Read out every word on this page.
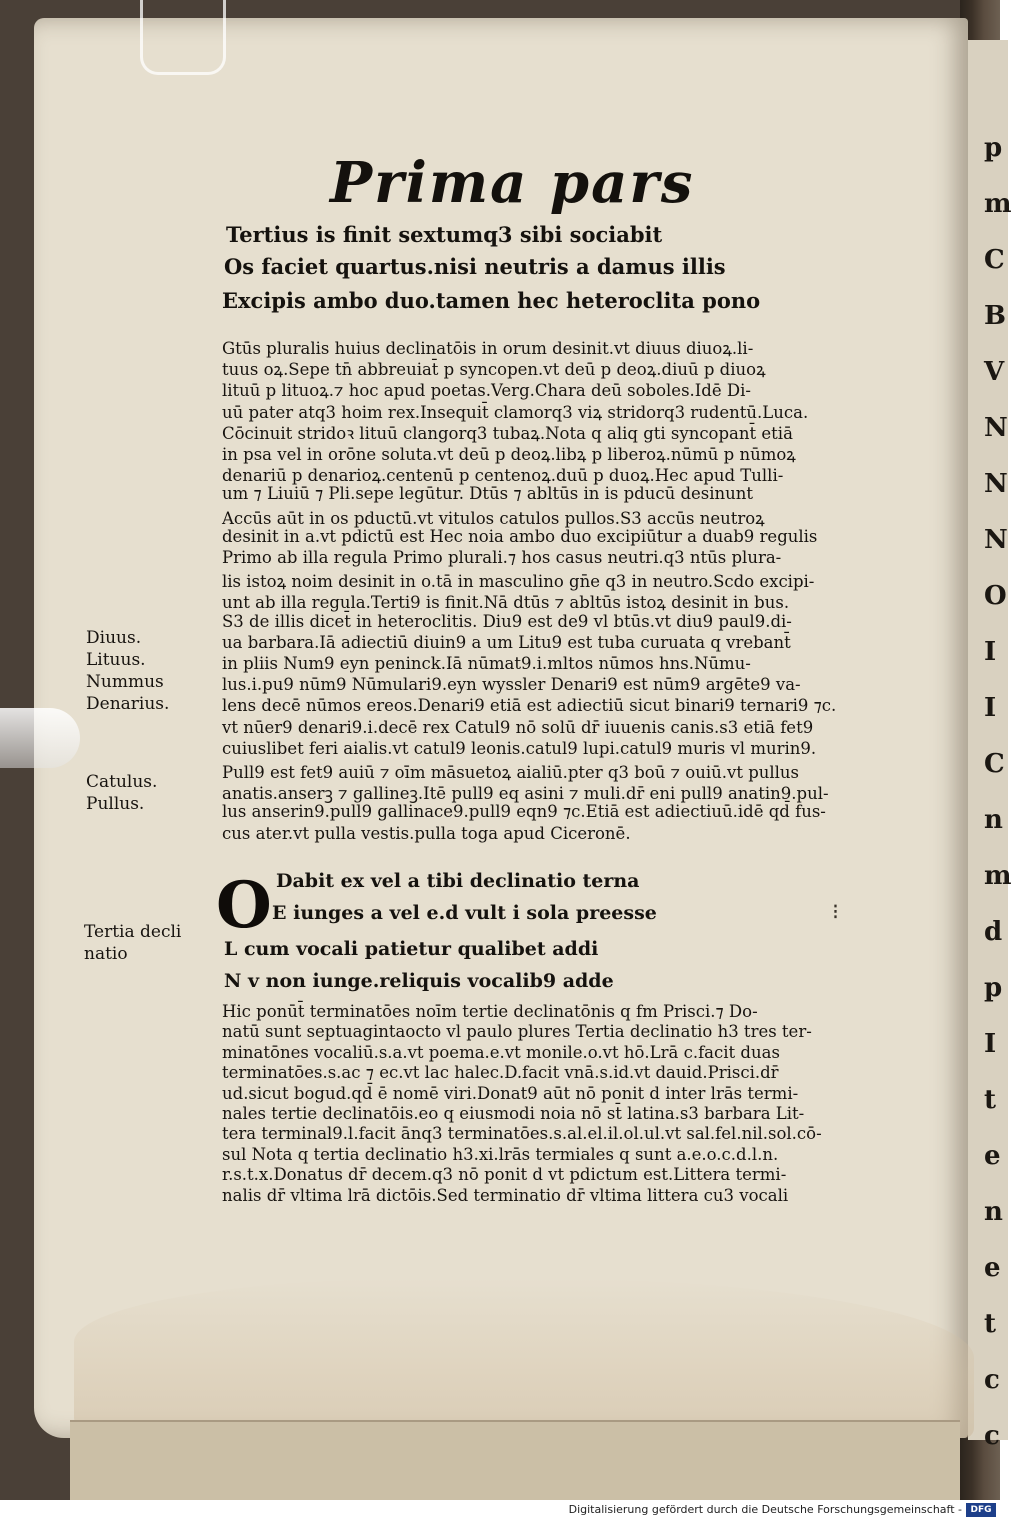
p
m
C
B
V
N
N
N
O
I
I
C
n
m
d
p
I
t
e
n
e
t
c
c
Prima pars
Tertius is finit sextumq3 sibi sociabit
Os faciet quartus.nisi neutris a damus illis
Excipis ambo duo.tamen hec heteroclita pono
Gtūs pluralis huius declinatōis in orum desinit.vt diuus diuoꝝ.li-
tuus oꝝ.Sepe tn̄ abbreuiat̄ p syncopen.vt deū p deoꝝ.diuū p diuoꝝ
lituū p lituoꝝ.⁊ hoc apud poetas.Verg.Chara deū soboles.Idē Di-
uū pater atq3 hoim rex.Insequit̄ clamorq3 viꝝ stridorq3 rudentū.Luca.
Cōcinuit stridoꝛ lituū clangorq3 tubaꝝ.Nota q aliq gti syncopant̄ etiā
in psa vel in orōne soluta.vt deū p deoꝝ.libꝝ p liberoꝝ.nūmū p nūmoꝝ
denariū p denarioꝝ.centenū p centenoꝝ.duū p duoꝝ.Hec apud Tulli-
um ⁊ Liuiū ⁊ Pli.sepe legūtur. Dtūs ⁊ abltūs in is pducū desinunt
Accūs aūt in os pductū.vt vitulos catulos pullos.S3 accūs neutroꝝ
desinit in a.vt pdictū est Hec noia ambo duo excipiūtur a duab9 regulis
Primo ab illa regula Primo plurali.⁊ hos casus neutri.q3 ntūs plura-
lis istoꝝ noim desinit in o.tā in masculino gn̄e q3 in neutro.Scdo excipi-
unt ab illa regula.Terti9 is finit.Nā dtūs ⁊ abltūs istoꝝ desinit in bus.
S3 de illis dicet̄ in heteroclitis. Diu9 est de9 vl btūs.vt diu9 paul9.di-
ua barbara.Iā adiectiū diuin9 a um Litu9 est tuba curuata q vrebant̄
in pliis Num9 eyn peninck.Iā nūmat9.i.mltos nūmos hns.Nūmu-
lus.i.pu9 nūm9 Nūmulari9.eyn wyssler Denari9 est nūm9 argēte9 va-
lens decē nūmos ereos.Denari9 etiā est adiectiū sicut binari9 ternari9 ⁊c.
vt nūer9 denari9.i.decē rex Catul9 nō solū dr̄ iuuenis canis.s3 etiā fet9
cuiuslibet feri aialis.vt catul9 leonis.catul9 lupi.catul9 muris vl murin9.
Pull9 est fet9 auiū ⁊ oīm māsuetoꝝ aialiū.pter q3 boū ⁊ ouiū.vt pullus
anatis.anserꝫ ⁊ gallineꝫ.Itē pull9 eq asini ⁊ muli.dr̄ eni pull9 anatin9.pul-
lus anserin9.pull9 gallinace9.pull9 eqn9 ⁊c.Etiā est adiectiuū.idē qd̄ fus-
cus ater.vt pulla vestis.pulla toga apud Ciceronē.
Diuus.
Lituus.
Nummus
Denarius.
Catulus.
Pullus.
Tertia decli
natio
O Dabit ex vel a tibi declinatio terna
E iunges a vel e.d vult i sola preesse
L cum vocali patietur qualibet addi
N v non iunge.reliquis vocalib9 adde
⁝
Hic ponūt̄ terminatōes noīm tertie declinatōnis q fm Prisci.⁊ Do-
natū sunt septuagintaocto vl paulo plures Tertia declinatio h3 tres ter-
minatōnes vocaliū.s.a.vt poema.e.vt monile.o.vt hō.Lrā c.facit duas
terminatōes.s.ac ⁊ ec.vt lac halec.D.facit vnā.s.id.vt dauid.Prisci.dr̄
ud.sicut bogud.qd̄ ē nomē viri.Donat9 aūt nō ponit d inter lrās termi-
nales tertie declinatōis.eo q eiusmodi noia nō st̄ latina.s3 barbara Lit-
tera terminal9.l.facit ānq3 terminatōes.s.al.el.il.ol.ul.vt sal.fel.nil.sol.cō-
sul Nota q tertia declinatio h3.xi.lrās termiales q sunt a.e.o.c.d.l.n.
r.s.t.x.Donatus dr̄ decem.q3 nō ponit d vt pdictum est.Littera termi-
nalis dr̄ vltima lrā dictōis.Sed terminatio dr̄ vltima littera cu3 vocali
Digitalisierung gefördert durch die Deutsche Forschungsgemeinschaft - DFG
